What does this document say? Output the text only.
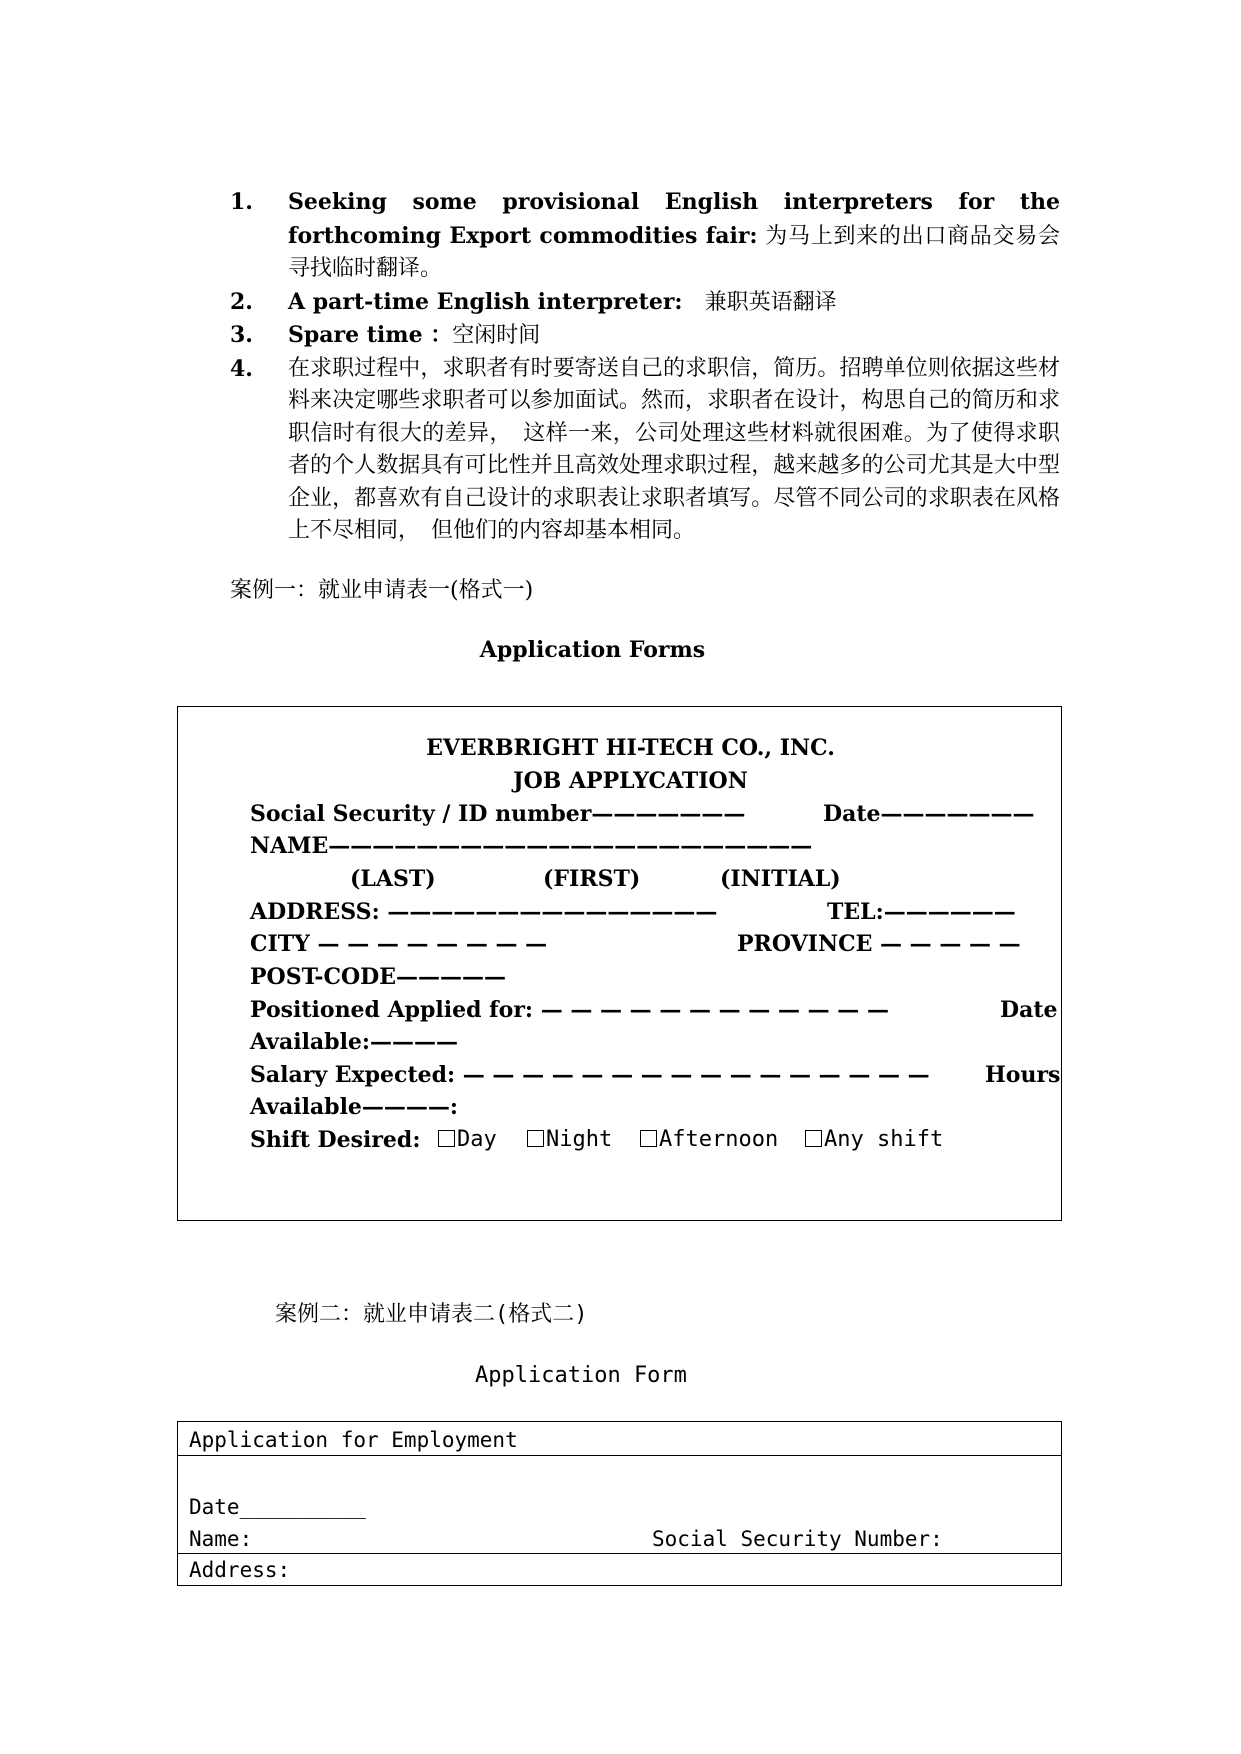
1.	Seeking some provisional English interpreters for the forthcoming Export commodities fair: 为马上到来的出口商品交易会寻找临时翻译。
2.	A part-time English interpreter:　 兼职英语翻译
3.	Spare time ：空闲时间
4.	在求职过程中，求职者有时要寄送自己的求职信，简历。招聘单位则依据这些材料来决定哪些求职者可以参加面试。然而，求职者在设计，构思自己的简历和求职信时有很大的差异，　这样一来，公司处理这些材料就很困难。为了使得求职者的个人数据具有可比性并且高效处理求职过程，越来越多的公司尤其是大中型企业，都喜欢有自己设计的求职表让求职者填写。尽管不同公司的求职表在风格上不尽相同，　但他们的内容却基本相同。
案例一：就业申请表一(格式一)
Application Forms
EVERBRIGHT HI-TECH CO., INC.
JOB APPLYCATION
Social Security / ID number———————	Date———————
NAME——————————————————————
(LAST)	(FIRST)	(INITIAL)
ADDRESS: ———————————————	TEL:——————
CITY — — — — — — — —	PROVINCE — — — — —
POST-CODE—————
Positioned Applied for: — — — — — — — — — — — —	Date
Available:————
Salary Expected: — — — — — — — — — — — — — — — —	Hours
Available————:
Shift Desired:	Day	Night	Afternoon	Any shift
案例二：就业申请表二(格式二)
Application Form
Application for Employment
Date__________
Name:	Social Security Number:
Address:
